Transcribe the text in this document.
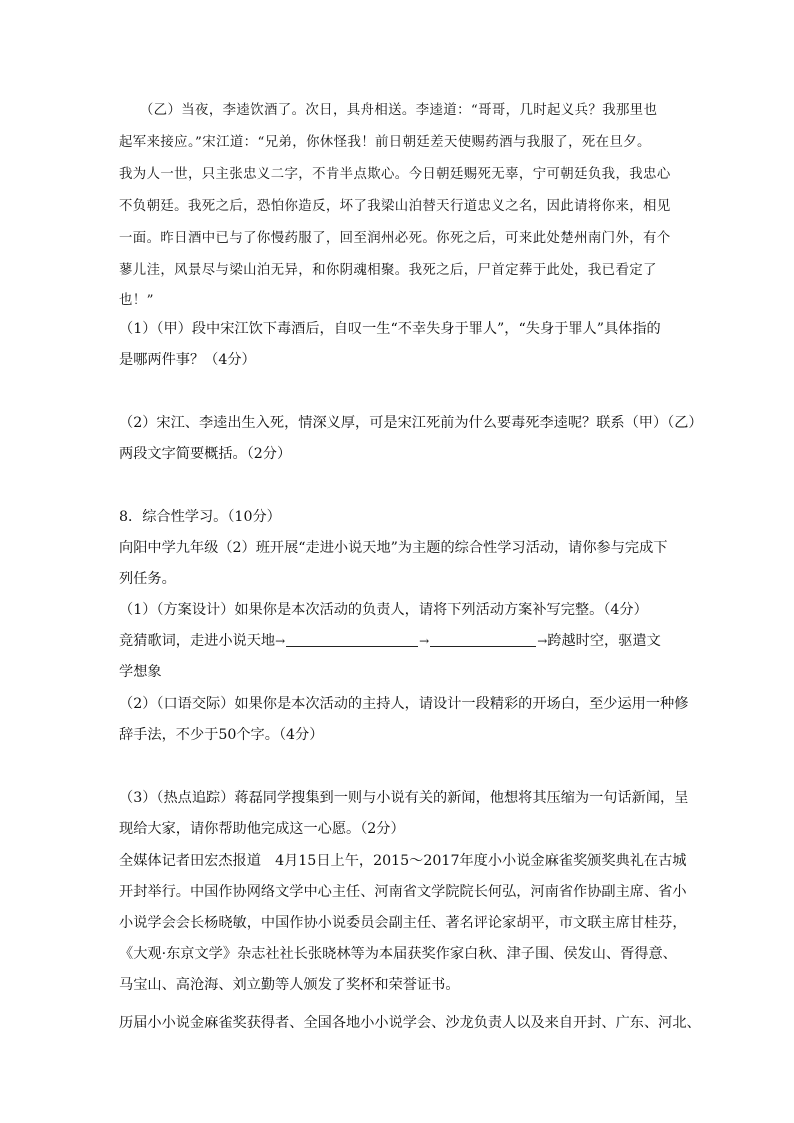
　　（乙）当夜，李逵饮酒了。次日，具舟相送。李逵道：“哥哥，几时起义兵？我那里也
起军来接应。”宋江道：“兄弟，你休怪我！前日朝廷差天使赐药酒与我服了，死在旦夕。
我为人一世，只主张忠义二字，不肯半点欺心。今日朝廷赐死无辜，宁可朝廷负我，我忠心
不负朝廷。我死之后，恐怕你造反，坏了我梁山泊替天行道忠义之名，因此请将你来，相见
一面。昨日酒中已与了你慢药服了，回至润州必死。你死之后，可来此处楚州南门外，有个
蓼儿洼，风景尽与梁山泊无异，和你阴魂相聚。我死之后，尸首定葬于此处，我已看定了
也！”
（1）（甲）段中宋江饮下毒酒后，自叹一生“不幸失身于罪人”，“失身于罪人”具体指的
是哪两件事？（4分）
（2）宋江、李逵出生入死，情深义厚，可是宋江死前为什么要毒死李逵呢？联系（甲）（乙）
两段文字简要概括。（2分）
8．综合性学习。（10分）
向阳中学九年级（2）班开展“走进小说天地”为主题的综合性学习活动，请你参与完成下
列任务。
（1）（方案设计）如果你是本次活动的负责人，请将下列活动方案补写完整。（4分）
竞猜歌词，走进小说天地→	→	→跨越时空，驱遣文
学想象
（2）（口语交际）如果你是本次活动的主持人，请设计一段精彩的开场白，至少运用一种修
辞手法，不少于50个字。（4分）
（3）（热点追踪）蒋磊同学搜集到一则与小说有关的新闻，他想将其压缩为一句话新闻，呈
现给大家，请你帮助他完成这一心愿。（2分）
全媒体记者田宏杰报道　4月15日上午，2015～2017年度小小说金麻雀奖颁奖典礼在古城
开封举行。中国作协网络文学中心主任、河南省文学院院长何弘，河南省作协副主席、省小
小说学会会长杨晓敏，中国作协小说委员会副主任、著名评论家胡平，市文联主席甘桂芬，
《大观·东京文学》杂志社社长张晓林等为本届获奖作家白秋、津子围、侯发山、胥得意、
马宝山、高沧海、刘立勤等人颁发了奖杯和荣誉证书。
历届小小说金麻雀奖获得者、全国各地小小说学会、沙龙负责人以及来自开封、广东、河北、
